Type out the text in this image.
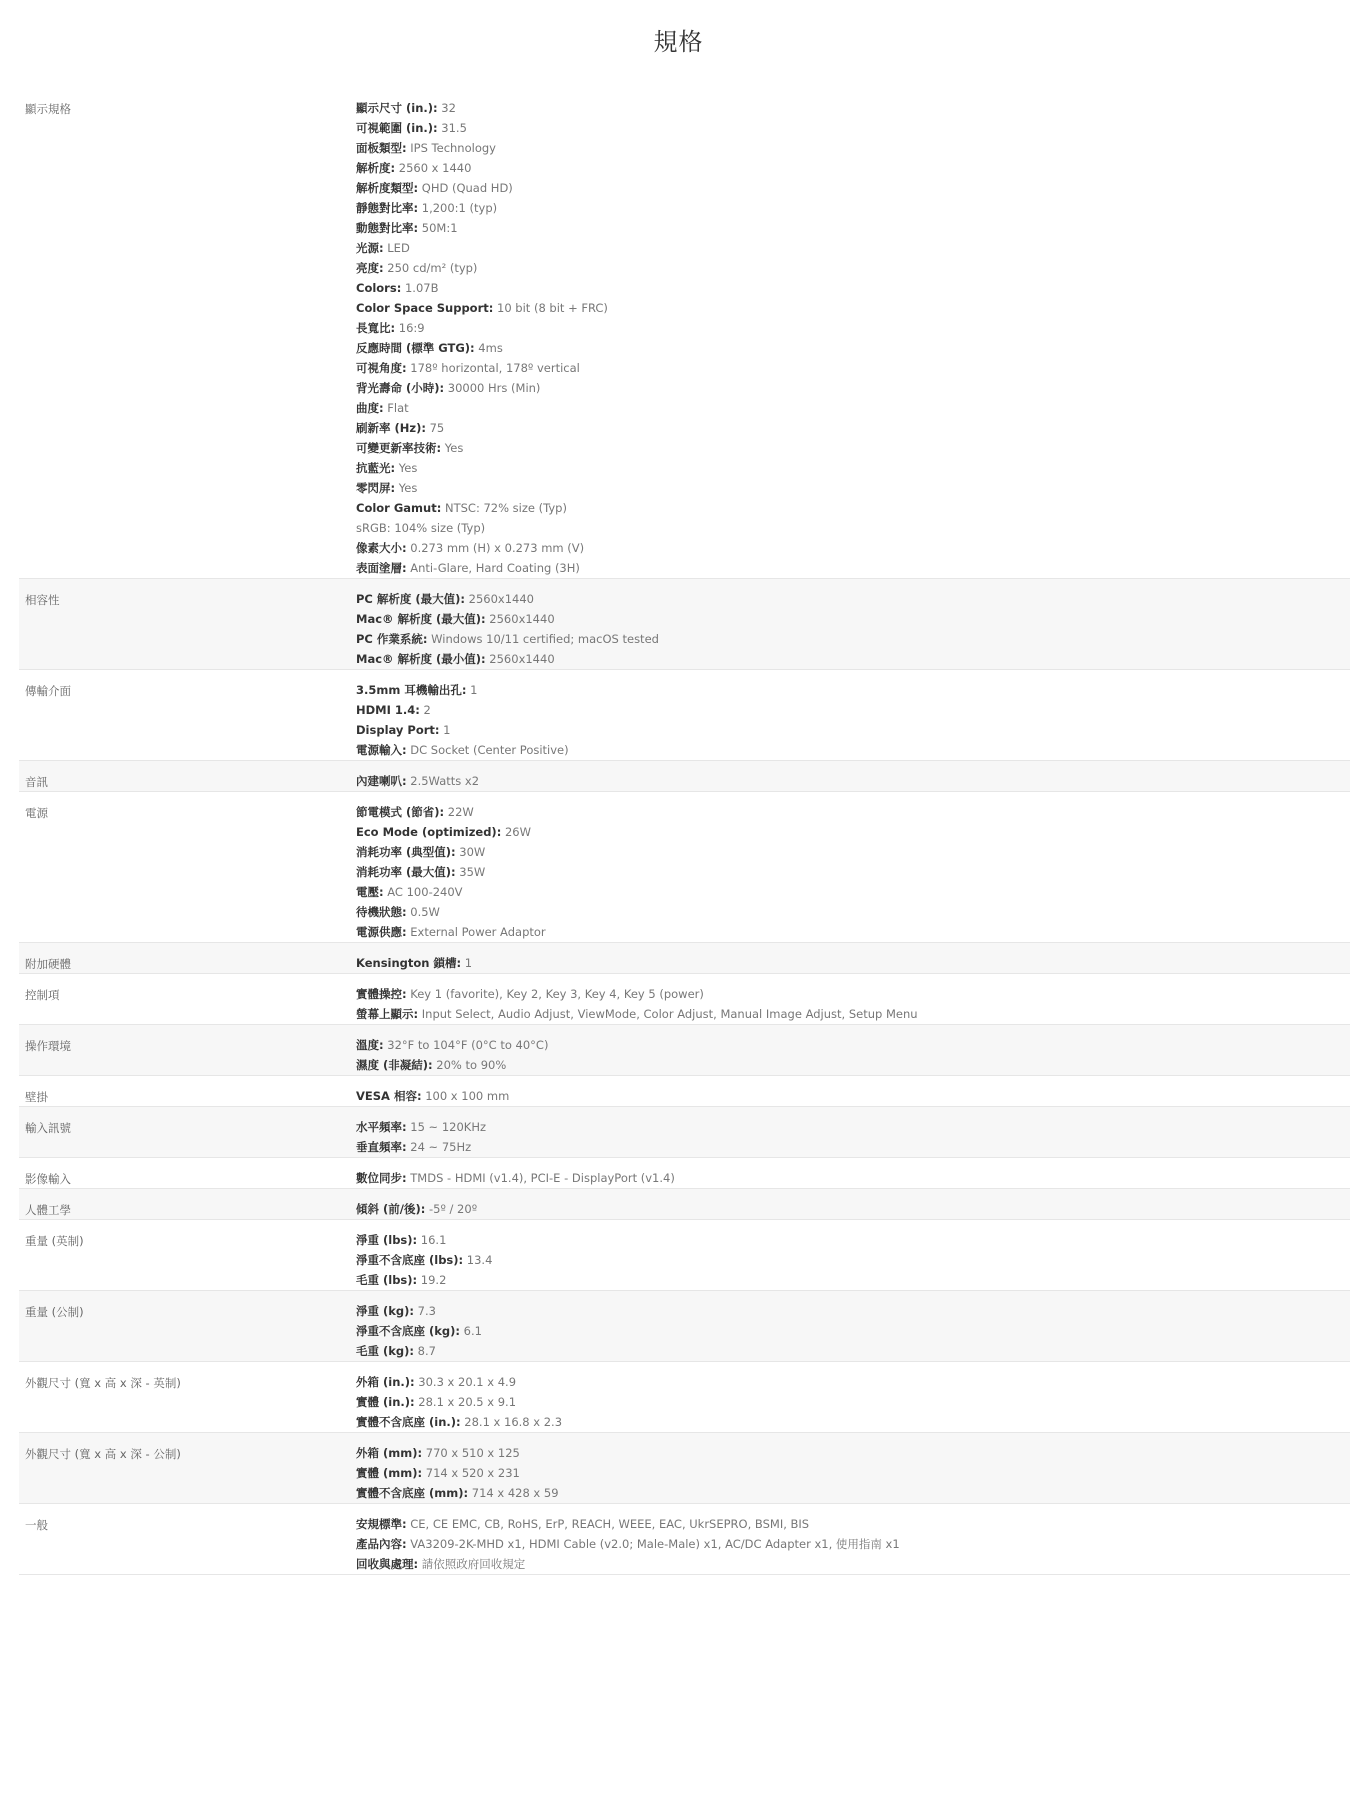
規格
顯示規格	顯示尺寸 (in.): 32
可視範圍 (in.): 31.5
面板類型: IPS Technology
解析度: 2560 x 1440
解析度類型: QHD (Quad HD)
靜態對比率: 1,200:1 (typ)
動態對比率: 50M:1
光源: LED
亮度: 250 cd/m² (typ)
Colors: 1.07B
Color Space Support: 10 bit (8 bit + FRC)
長寬比: 16:9
反應時間 (標準 GTG): 4ms
可視角度: 178º horizontal, 178º vertical
背光壽命 (小時): 30000 Hrs (Min)
曲度: Flat
刷新率 (Hz): 75
可變更新率技術: Yes
抗藍光: Yes
零閃屏: Yes
Color Gamut: NTSC: 72% size (Typ)
sRGB: 104% size (Typ)
像素大小: 0.273 mm (H) x 0.273 mm (V)
表面塗層: Anti-Glare, Hard Coating (3H)
相容性	PC 解析度 (最大值): 2560x1440
Mac® 解析度 (最大值): 2560x1440
PC 作業系統: Windows 10/11 certified; macOS tested
Mac® 解析度 (最小值): 2560x1440
傳輸介面	3.5mm 耳機輸出孔: 1
HDMI 1.4: 2
Display Port: 1
電源輸入: DC Socket (Center Positive)
音訊	內建喇叭: 2.5Watts x2
電源	節電模式 (節省): 22W
Eco Mode (optimized): 26W
消耗功率 (典型值): 30W
消耗功率 (最大值): 35W
電壓: AC 100-240V
待機狀態: 0.5W
電源供應: External Power Adaptor
附加硬體	Kensington 鎖槽: 1
控制項	實體操控: Key 1 (favorite), Key 2, Key 3, Key 4, Key 5 (power)
螢幕上顯示: Input Select, Audio Adjust, ViewMode, Color Adjust, Manual Image Adjust, Setup Menu
操作環境	溫度: 32°F to 104°F (0°C to 40°C)
濕度 (非凝結): 20% to 90%
壁掛	VESA 相容: 100 x 100 mm
輸入訊號	水平頻率: 15 ~ 120KHz
垂直頻率: 24 ~ 75Hz
影像輸入	數位同步: TMDS - HDMI (v1.4), PCI-E - DisplayPort (v1.4)
人體工學	傾斜 (前/後): -5º / 20º
重量 (英制)	淨重 (lbs): 16.1
淨重不含底座 (lbs): 13.4
毛重 (lbs): 19.2
重量 (公制)	淨重 (kg): 7.3
淨重不含底座 (kg): 6.1
毛重 (kg): 8.7
外觀尺寸 (寬 x 高 x 深 - 英制)	外箱 (in.): 30.3 x 20.1 x 4.9
實體 (in.): 28.1 x 20.5 x 9.1
實體不含底座 (in.): 28.1 x 16.8 x 2.3
外觀尺寸 (寬 x 高 x 深 - 公制)	外箱 (mm): 770 x 510 x 125
實體 (mm): 714 x 520 x 231
實體不含底座 (mm): 714 x 428 x 59
一般	安規標準: CE, CE EMC, CB, RoHS, ErP, REACH, WEEE, EAC, UkrSEPRO, BSMI, BIS
產品內容: VA3209-2K-MHD x1, HDMI Cable (v2.0; Male-Male) x1, AC/DC Adapter x1, 使用指南 x1
回收與處理: 請依照政府回收規定
